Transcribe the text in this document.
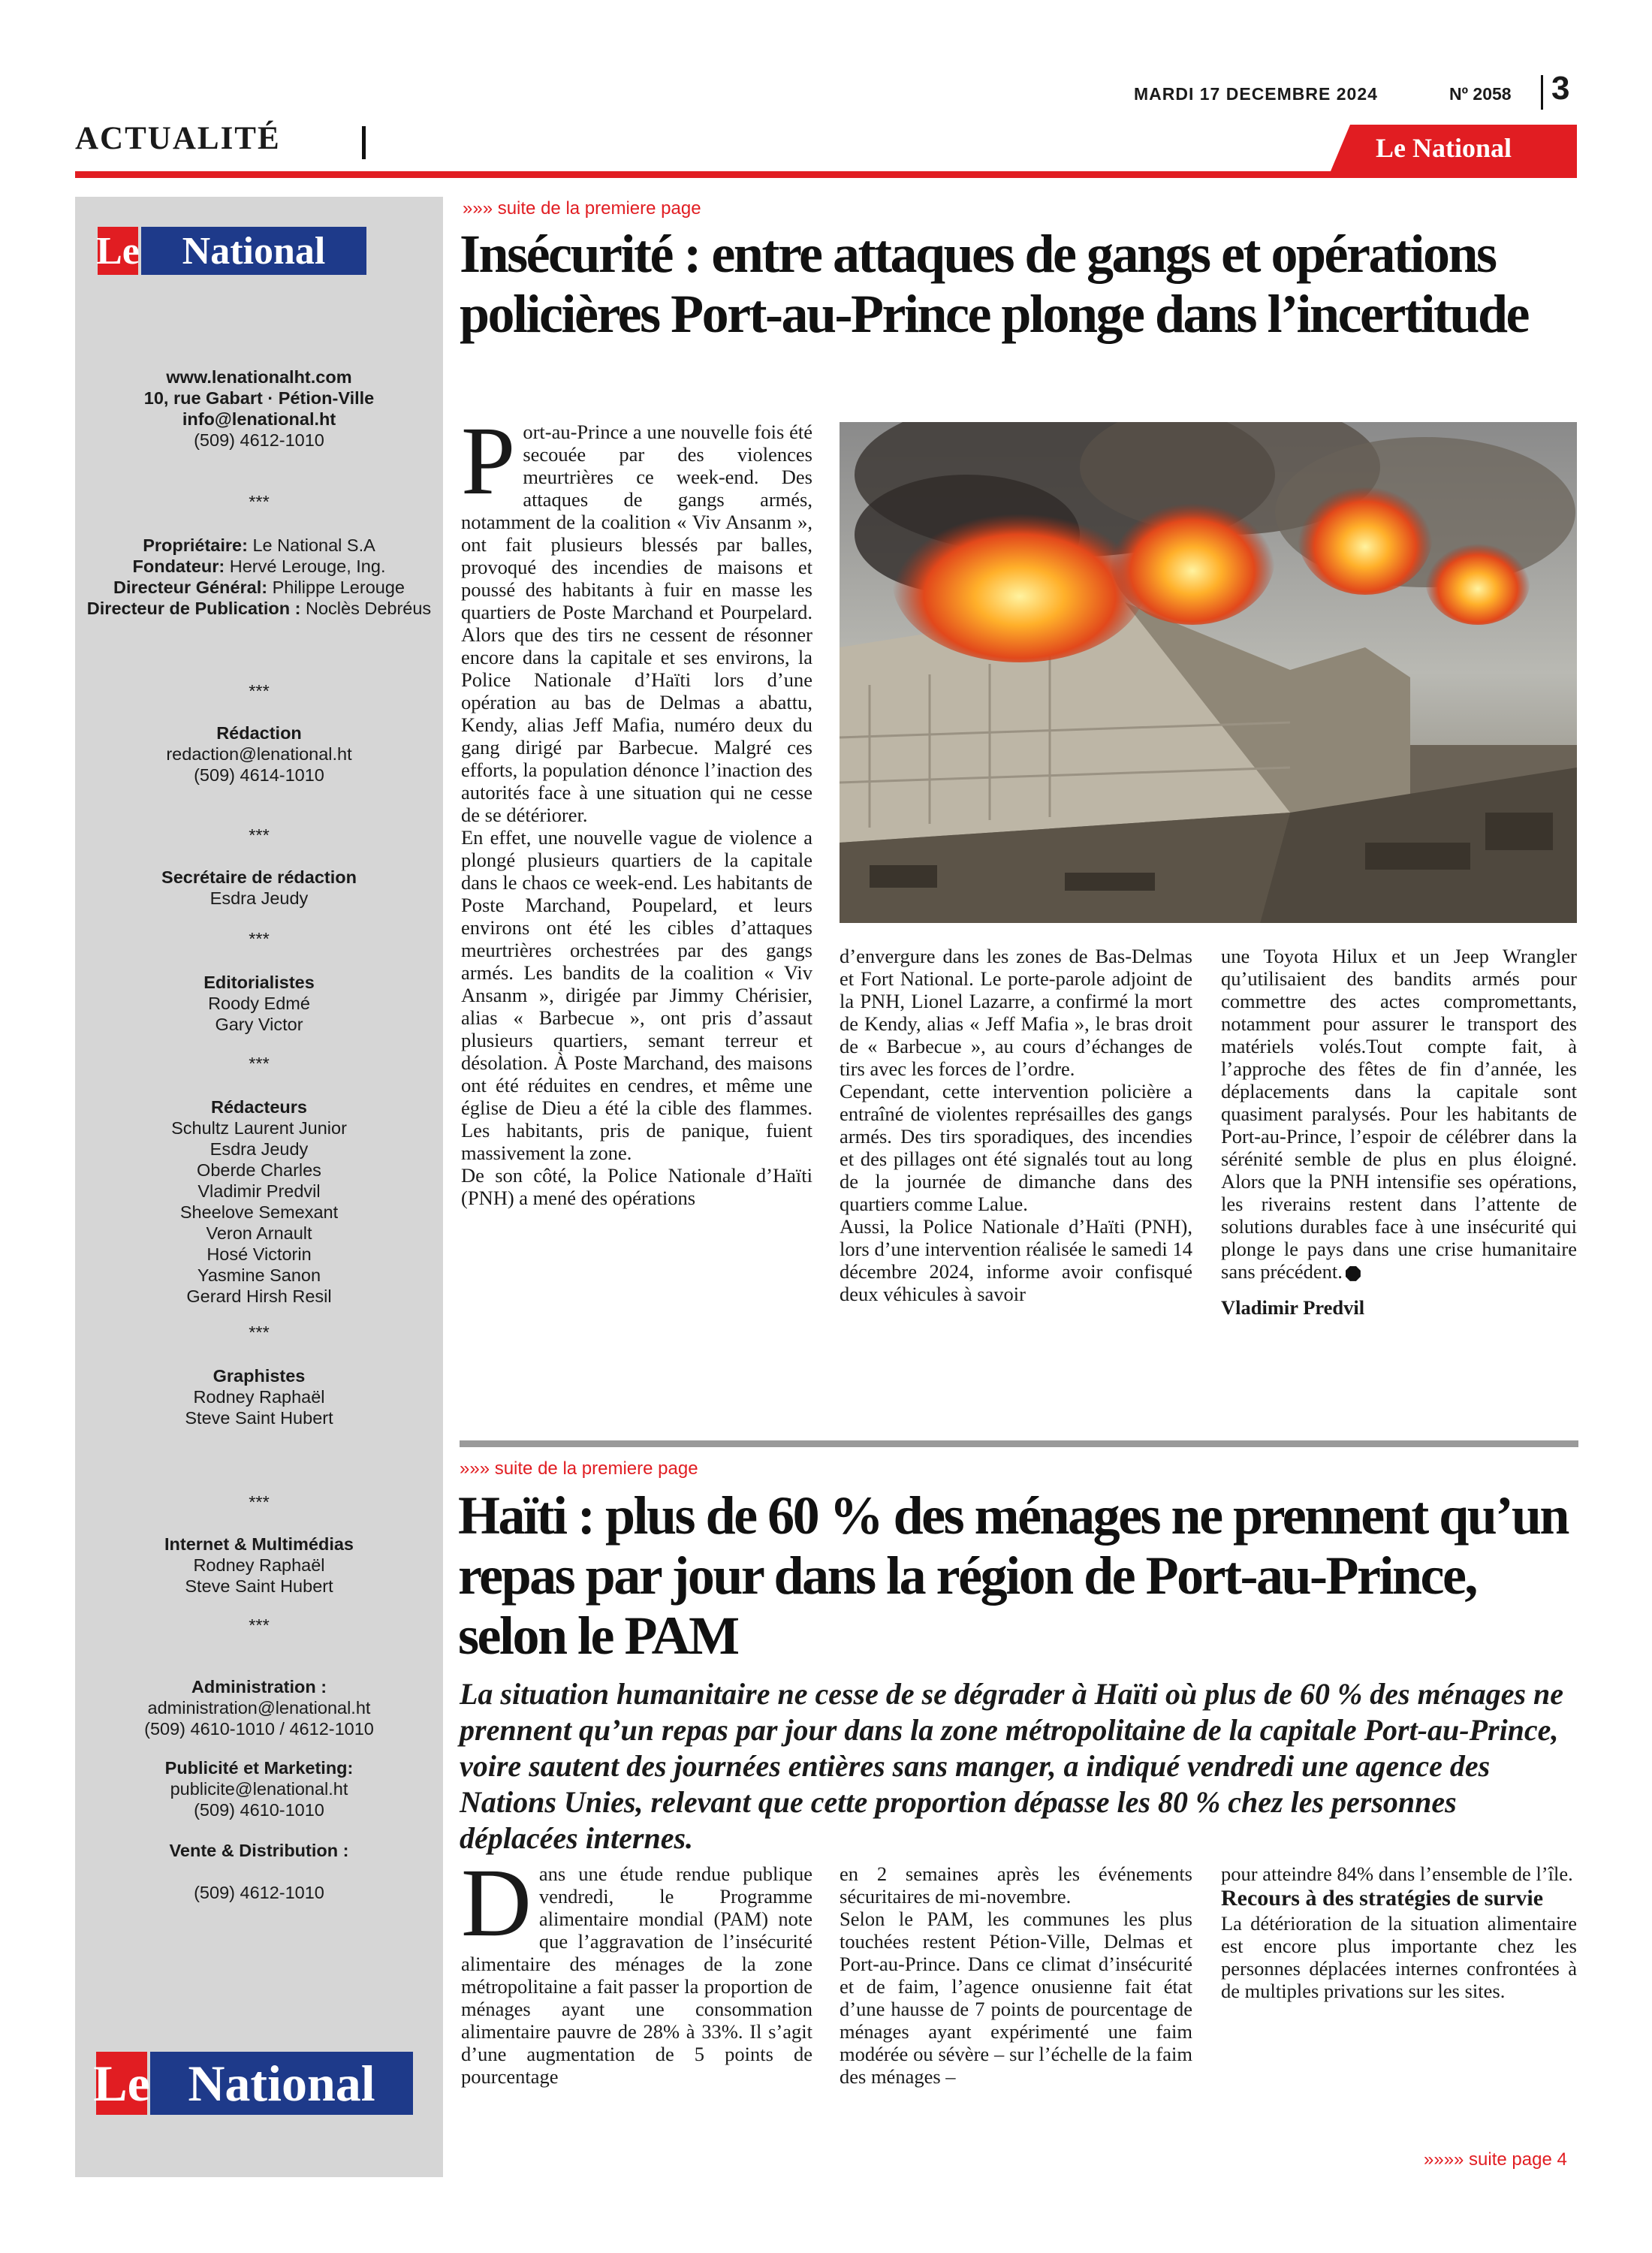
MARDI 17 DECEMBRE 2024	Nº 2058 3
ACTUALITÉ	Le National
Le	National
www.lenationalht.com
10, rue Gabart · Pétion-Ville
info@lenational.ht
(509) 4612-1010
***
Propriétaire: Le National S.A
Fondateur: Hervé Lerouge, Ing.
Directeur Général: Philippe Lerouge
Directeur de Publication : Noclès Debréus
***
Rédaction
redaction@lenational.ht
(509) 4614-1010
***
Secrétaire de rédaction
Esdra Jeudy
***
Editorialistes
Roody Edmé
Gary Victor
***
Rédacteurs
Schultz Laurent Junior
Esdra Jeudy
Oberde Charles
Vladimir Predvil
Sheelove Semexant
Veron Arnault
Hosé Victorin
Yasmine Sanon
Gerard Hirsh Resil
***
Graphistes
Rodney Raphaël
Steve Saint Hubert
***
Internet & Multimédias
Rodney Raphaël
Steve Saint Hubert
***
Administration :
administration@lenational.ht
(509) 4610-1010 / 4612-1010
Publicité et Marketing:
publicite@lenational.ht
(509) 4610-1010
Vente & Distribution :
(509) 4612-1010
Le National
»»» suite de la premiere page
Insécurité : entre attaques de gangs et opérations policières Port-au-Prince plonge dans l’incertitude
P ort-au-Prince a une nouvelle fois été secouée par des violences meurtrières ce week-end. Des attaques de gangs armés, notamment de la coalition « Viv Ansanm », ont fait plusieurs blessés par balles, provoqué des incendies de maisons et poussé des habitants à fuir en masse les quartiers de Poste Marchand et Pourpelard. Alors que des tirs ne cessent de résonner encore dans la capitale et ses environs, la Police Nationale d’Haïti lors d’une opération au bas de Delmas a abattu, Kendy, alias Jeff Mafia, numéro deux du gang dirigé par Barbecue. Malgré ces efforts, la population dénonce l’inaction des autorités face à une situation qui ne cesse de se détériorer.

En effet, une nouvelle vague de violence a plongé plusieurs quartiers de la capitale dans le chaos ce week-end. Les habitants de Poste Marchand, Poupelard, et leurs environs ont été les cibles d’attaques meurtrières orchestrées par des gangs armés. Les bandits de la coalition « Viv Ansanm », dirigée par Jimmy Chérisier, alias « Barbecue », ont pris d’assaut plusieurs quartiers, semant terreur et désolation. À Poste Marchand, des maisons ont été réduites en cendres, et même une église de Dieu a été la cible des flammes. Les habitants, pris de panique, fuient massivement la zone.

De son côté, la Police Nationale d’Haïti (PNH) a mené des opérations

d’envergure dans les zones de Bas-Delmas et Fort National. Le porte-parole adjoint de la PNH, Lionel Lazarre, a confirmé la mort de Kendy, alias « Jeff Mafia », le bras droit de « Barbecue », au cours d’échanges de tirs avec les forces de l’ordre.

Cependant, cette intervention policière a entraîné de violentes représailles des gangs armés. Des tirs sporadiques, des incendies et des pillages ont été signalés tout au long de la journée de dimanche dans des quartiers comme Lalue.

Aussi, la Police Nationale d’Haïti (PNH), lors d’une intervention réalisée le samedi 14 décembre 2024, informe avoir confisqué deux véhicules à savoir

une Toyota Hilux et un Jeep Wrangler qu’utilisaient des bandits armés pour commettre des actes compromettants, notamment pour assurer le transport des matériels volés.Tout compte fait, à l’approche des fêtes de fin d’année, les déplacements dans la capitale sont quasiment paralysés. Pour les habitants de Port-au-Prince, l’espoir de célébrer dans la sérénité semble de plus en plus éloigné. Alors que la PNH intensifie ses opérations, les riverains restent dans l’attente de solutions durables face à une insécurité qui plonge le pays dans une crise humanitaire sans précédent.

Vladimir Predvil

»»» suite de la premiere page
Haïti : plus de 60 % des ménages ne prennent qu’un repas par jour dans la région de Port-au-Prince, selon le PAM
La situation humanitaire ne cesse de se dégrader à Haïti où plus de 60 % des ménages ne prennent qu’un repas par jour dans la zone métropolitaine de la capitale Port-au-Prince, voire sautent des journées entières sans manger, a indiqué vendredi une agence des Nations Unies, relevant que cette proportion dépasse les 80 % chez les personnes déplacées internes.
D ans une étude rendue publique vendredi, le Programme alimentaire mondial (PAM) note que l’aggravation de l’insécurité alimentaire des ménages de la zone métropolitaine a fait passer la proportion de ménages ayant une consommation alimentaire pauvre de 28% à 33%. Il s’agit d’une augmentation de 5 points de pourcentage

en 2 semaines après les événements sécuritaires de mi-novembre.

Selon le PAM, les communes les plus touchées restent Pétion-Ville, Delmas et Port-au-Prince. Dans ce climat d’insécurité et de faim, l’agence onusienne fait état d’une hausse de 7 points de pourcentage de ménages ayant expérimenté une faim modérée ou sévère – sur l’échelle de la faim des ménages –

pour atteindre 84% dans l’ensemble de l’île.

Recours à des stratégies de survie

La détérioration de la situation alimentaire est encore plus importante chez les personnes déplacées internes confrontées à de multiples privations sur les sites.

»»»» suite page 4
